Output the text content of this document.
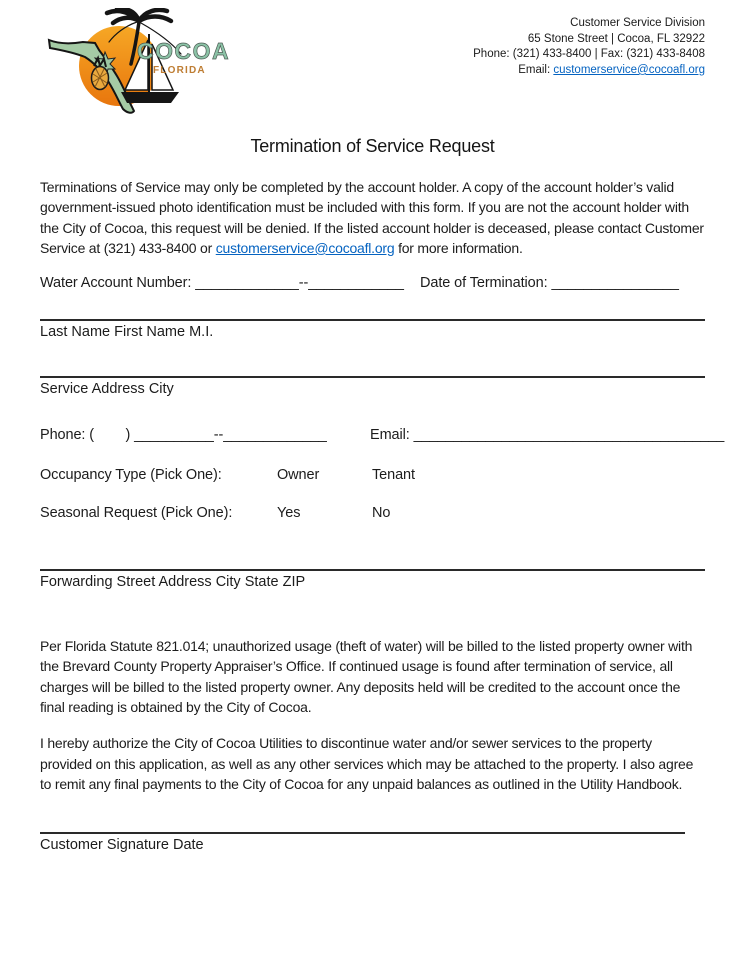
COCOA
FLORIDA
Customer Service Division
65 Stone Street | Cocoa, FL 32922
Phone: (321) 433-8400 | Fax: (321) 433-8408
Email: customerservice@cocoafl.org
Termination of Service Request
Terminations of Service may only be completed by the account holder. A copy of the account holder’s valid government-issued photo identification must be included with this form. If you are not the account holder with the City of Cocoa, this request will be denied. If the listed account holder is deceased, please contact Customer Service at (321) 433-8400 or customerservice@cocoafl.org for more information.
Water Account Number: _____________--____________ Date of Termination: ________________
Last Name First Name M.I.
Service Address City
Phone: (        ) __________--_____________	Email: _______________________________________
Occupancy Type (Pick One):	Owner	Tenant
Seasonal Request (Pick One):	Yes	No
Forwarding Street Address City State ZIP
Per Florida Statute 821.014; unauthorized usage (theft of water) will be billed to the listed property owner with the Brevard County Property Appraiser’s Office. If continued usage is found after termination of service, all charges will be billed to the listed property owner. Any deposits held will be credited to the account once the final reading is obtained by the City of Cocoa.
I hereby authorize the City of Cocoa Utilities to discontinue water and/or sewer services to the property provided on this application, as well as any other services which may be attached to the property. I also agree to remit any final payments to the City of Cocoa for any unpaid balances as outlined in the Utility Handbook.
Customer Signature Date
